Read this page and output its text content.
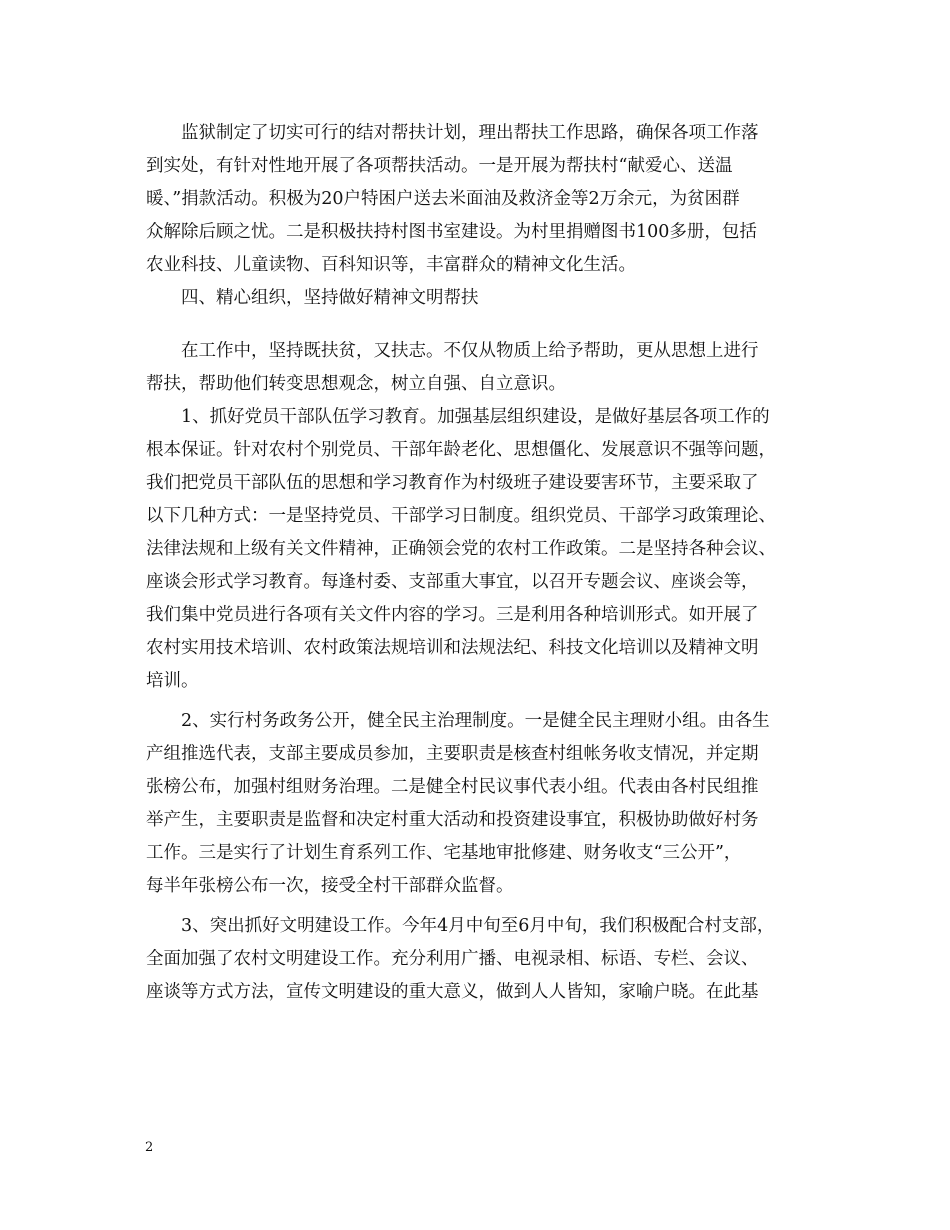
监狱制定了切实可行的结对帮扶计划，理出帮扶工作思路，确保各项工作落
到实处，有针对性地开展了各项帮扶活动。一是开展为帮扶村“献爱心、送温
暖、”捐款活动。积极为20户特困户送去米面油及救济金等2万余元，为贫困群
众解除后顾之忧。二是积极扶持村图书室建设。为村里捐赠图书100多册，包括
农业科技、儿童读物、百科知识等，丰富群众的精神文化生活。
四、精心组织，坚持做好精神文明帮扶
在工作中，坚持既扶贫，又扶志。不仅从物质上给予帮助，更从思想上进行
帮扶，帮助他们转变思想观念，树立自强、自立意识。
1、抓好党员干部队伍学习教育。加强基层组织建设，是做好基层各项工作的
根本保证。针对农村个别党员、干部年龄老化、思想僵化、发展意识不强等问题，
我们把党员干部队伍的思想和学习教育作为村级班子建设要害环节，主要采取了
以下几种方式：一是坚持党员、干部学习日制度。组织党员、干部学习政策理论、
法律法规和上级有关文件精神，正确领会党的农村工作政策。二是坚持各种会议、
座谈会形式学习教育。每逢村委、支部重大事宜，以召开专题会议、座谈会等，
我们集中党员进行各项有关文件内容的学习。三是利用各种培训形式。如开展了
农村实用技术培训、农村政策法规培训和法规法纪、科技文化培训以及精神文明
培训。
2、实行村务政务公开，健全民主治理制度。一是健全民主理财小组。由各生
产组推选代表，支部主要成员参加，主要职责是核查村组帐务收支情况，并定期
张榜公布，加强村组财务治理。二是健全村民议事代表小组。代表由各村民组推
举产生，主要职责是监督和决定村重大活动和投资建设事宜，积极协助做好村务
工作。三是实行了计划生育系列工作、宅基地审批修建、财务收支“三公开”，
每半年张榜公布一次，接受全村干部群众监督。
3、突出抓好文明建设工作。今年4月中旬至6月中旬，我们积极配合村支部，
全面加强了农村文明建设工作。充分利用广播、电视录相、标语、专栏、会议、
座谈等方式方法，宣传文明建设的重大意义，做到人人皆知，家喻户晓。在此基
2
